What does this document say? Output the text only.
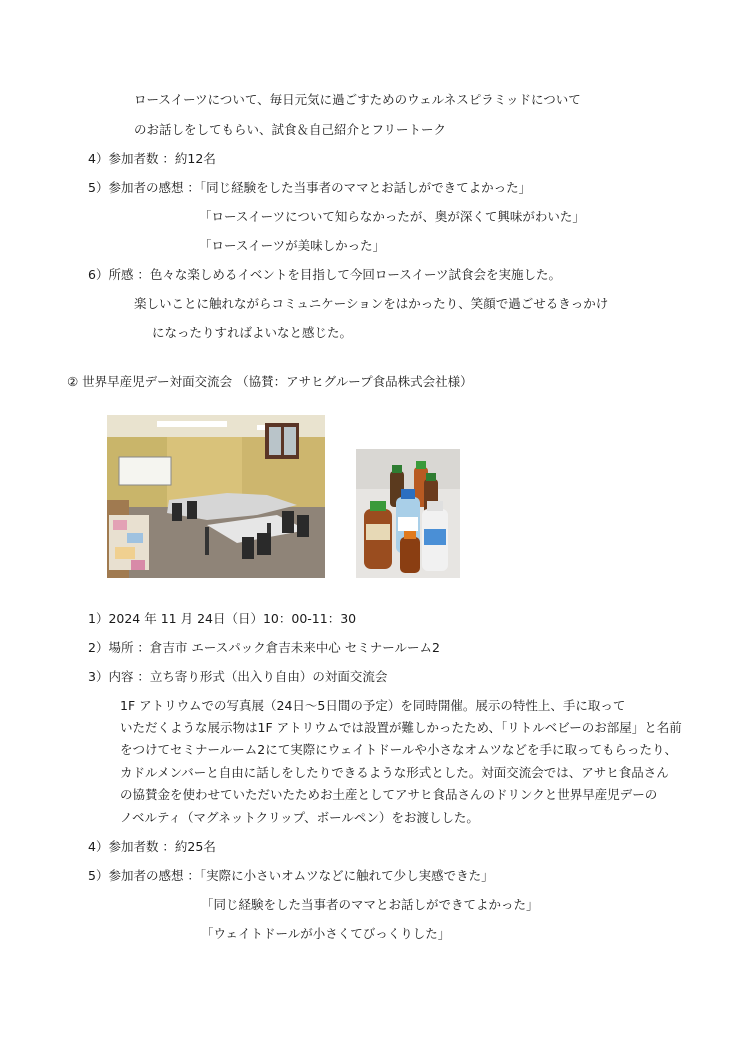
ロースイーツについて、毎日元気に過ごすためのウェルネスピラミッドについて
のお話しをしてもらい、試食＆自己紹介とフリートーク
4）参加者数 ：約12名
5）参加者の感想 ：「同じ経験をした当事者のママとお話しができてよかった」
「ロースイーツについて知らなかったが、奥が深くて興味がわいた」
「ロースイーツが美味しかった」
6）所感 ：色々な楽しめるイベントを目指して今回ロースイーツ試食会を実施した。
楽しいことに触れながらコミュニケーションをはかったり、笑顔で過ごせるきっかけ
になったりすればよいなと感じた。
② 世界早産児デー対面交流会 （協賛：アサヒグループ食品株式会社様）
1）2024 年 11 月 24日（日）10：00-11：30
2）場所 ：倉吉市 エースパック倉吉未来中心 セミナールーム2
3）内容 ：立ち寄り形式（出入り自由）の対面交流会
1F アトリウムでの写真展（24日～5日間の予定）を同時開催。展示の特性上、手に取って
いただくような展示物は1F アトリウムでは設置が難しかったため、「リトルベビーのお部屋」と名前
をつけてセミナールーム2にて実際にウェイトドールや小さなオムツなどを手に取ってもらったり、
カドルメンバーと自由に話しをしたりできるような形式とした。対面交流会では、アサヒ食品さん
の協賛金を使わせていただいたためお土産としてアサヒ食品さんのドリンクと世界早産児デーの
ノベルティ（マグネットクリップ、ボールペン）をお渡しした。
4）参加者数 ：約25名
5）参加者の感想 ：「実際に小さいオムツなどに触れて少し実感できた」
「同じ経験をした当事者のママとお話しができてよかった」
「ウェイトドールが小さくてびっくりした」
